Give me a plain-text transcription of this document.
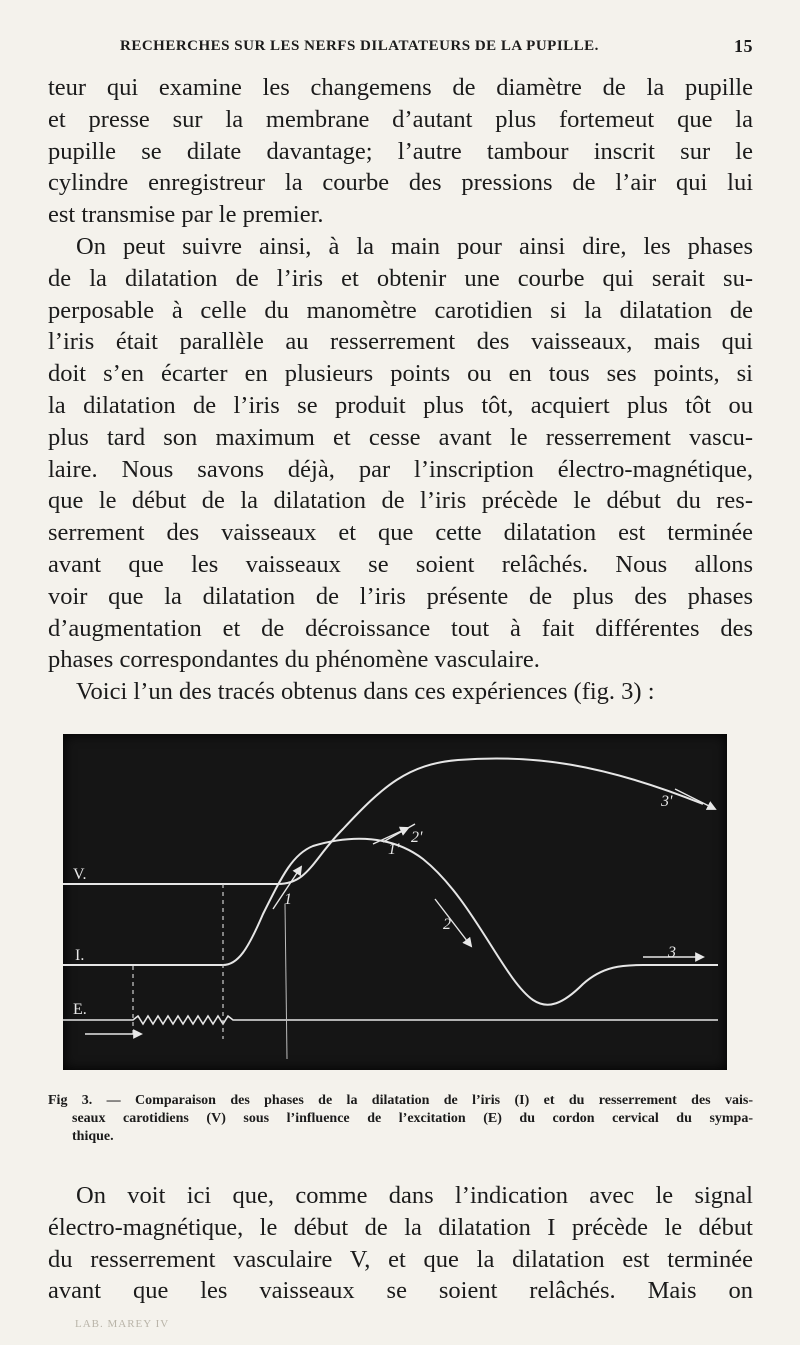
RECHERCHES SUR LES NERFS DILATATEURS DE LA PUPILLE.	15
teur qui examine les changemens de diamètre de la pupille
et presse sur la membrane d’autant plus fortemeut que la
pupille se dilate davantage; l’autre tambour inscrit sur le
cylindre enregistreur la courbe des pressions de l’air qui lui
est transmise par le premier.
On peut suivre ainsi, à la main pour ainsi dire, les phases
de la dilatation de l’iris et obtenir une courbe qui serait su-
perposable à celle du manomètre carotidien si la dilatation de
l’iris était parallèle au resserrement des vaisseaux, mais qui
doit s’en écarter en plusieurs points ou en tous ses points, si
la dilatation de l’iris se produit plus tôt, acquiert plus tôt ou
plus tard son maximum et cesse avant le resserrement vascu-
laire. Nous savons déjà, par l’inscription électro-magnétique,
que le début de la dilatation de l’iris précède le début du res-
serrement des vaisseaux et que cette dilatation est terminée
avant que les vaisseaux se soient relâchés. Nous allons
voir que la dilatation de l’iris présente de plus des phases
d’augmentation et de décroissance tout à fait différentes des
phases correspondantes du phénomène vasculaire.
Voici l’un des tracés obtenus dans ces expériences (fig. 3) :
V.
I.
E.
1
2
3
1'
2'
3'
Fig 3. — Comparaison des phases de la dilatation de l’iris (I) et du resserrement des vais-
seaux carotidiens (V) sous l’influence de l’excitation (E) du cordon cervical du sympa-
thique.
On voit ici que, comme dans l’indication avec le signal
électro-magnétique, le début de la dilatation I précède le début
du resserrement vasculaire V, et que la dilatation est terminée
avant que les vaisseaux se soient relâchés. Mais on
LAB. MAREY IV
